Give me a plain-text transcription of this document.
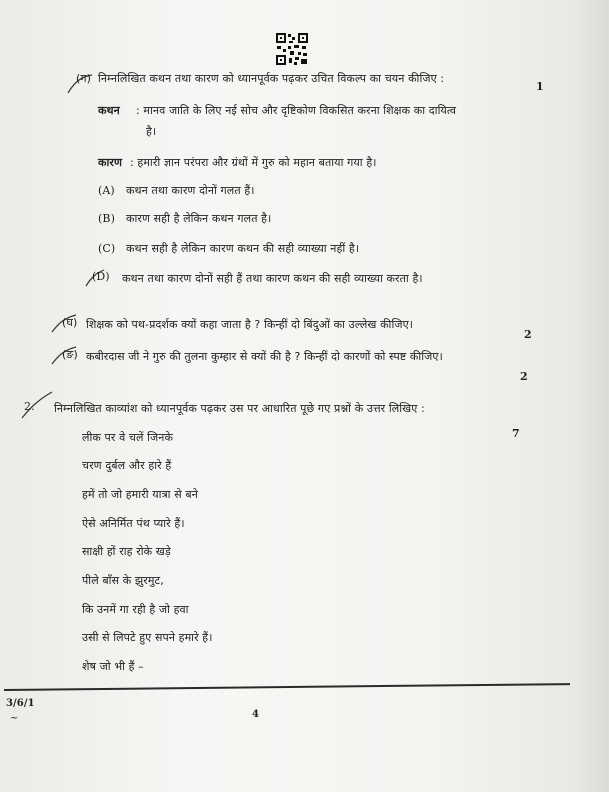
(ग) निम्नलिखित कथन तथा कारण को ध्यानपूर्वक पढ़कर उचित विकल्प का चयन कीजिए :
1
कथन : मानव जाति के लिए नई सोच और दृष्टिकोण विकसित करना शिक्षक का दायित्व
है।
कारण : हमारी ज्ञान परंपरा और ग्रंथों में गुरु को महान बताया गया है।
(A) कथन तथा कारण दोनों गलत हैं।
(B) कारण सही है लेकिन कथन गलत है।
(C) कथन सही है लेकिन कारण कथन की सही व्याख्या नहीं है।
(D) कथन तथा कारण दोनों सही हैं तथा कारण कथन की सही व्याख्या करता है।
(घ) शिक्षक को पथ-प्रदर्शक क्यों कहा जाता है ? किन्हीं दो बिंदुओं का उल्लेख कीजिए।
2
(ङ) कबीरदास जी ने गुरु की तुलना कुम्हार से क्यों की है ? किन्हीं दो कारणों को स्पष्ट कीजिए।
2
2. निम्नलिखित काव्यांश को ध्यानपूर्वक पढ़कर उस पर आधारित पूछे गए प्रश्नों के उत्तर लिखिए :
7
लीक पर वे चलें जिनके
चरण दुर्बल और हारे हैं
हमें तो जो हमारी यात्रा से बने
ऐसे अनिर्मित पंथ प्यारे हैं।
साक्षी हों राह रोके खड़े
पीले बाँस के झुरमुट,
कि उनमें गा रही है जो हवा
उसी से लिपटे हुए सपने हमारे हैं।
शेष जो भी हैं –
3/6/1
~	4
